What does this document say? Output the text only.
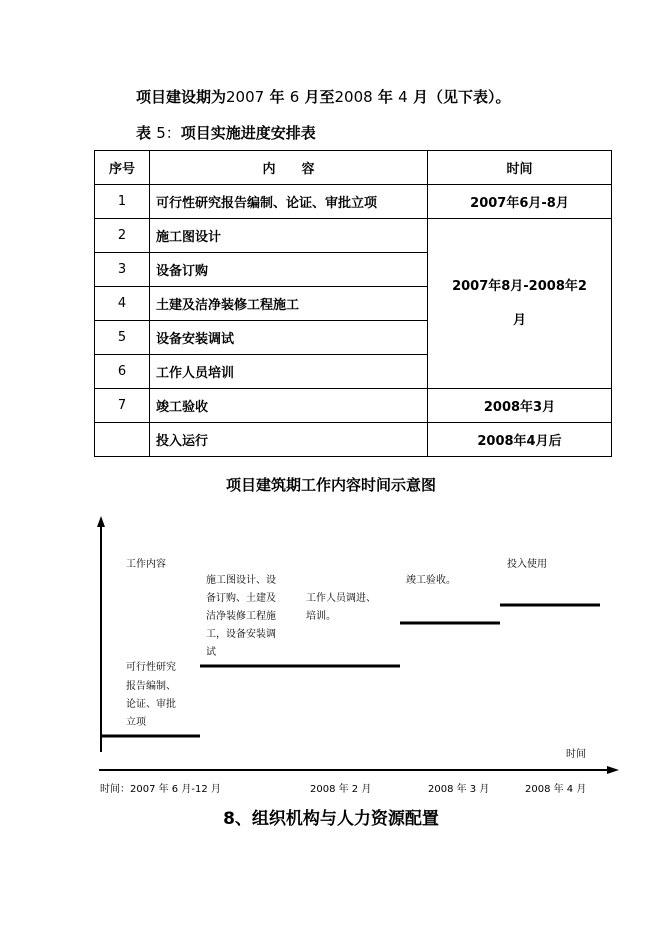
项目建设期为2007 年 6 月至2008 年 4 月（见下表）。
表 5：项目实施进度安排表
序号	内　　容	时间
1	可行性研究报告编制、论证、审批立项	2007年6月-8月
2	施工图设计	2007年8月-2008年2
月

3	设备订购	
4	土建及洁净装修工程施工	
5	设备安装调试	
6	工作人员培训	
7	竣工验收	2008年3月
	投入运行	2008年4月后
项目建筑期工作内容时间示意图
工作内容
时间
可行性研究
报告编制、
论证、审批
立项
施工图设计、设
备订购、土建及
洁净装修工程施
工，设备安装调
试
工作人员调进、
培训。
竣工验收。
投入使用
时间：2007 年 6 月-12 月	2008 年 2 月	2008 年 3 月	2008 年 4 月
8、组织机构与人力资源配置
